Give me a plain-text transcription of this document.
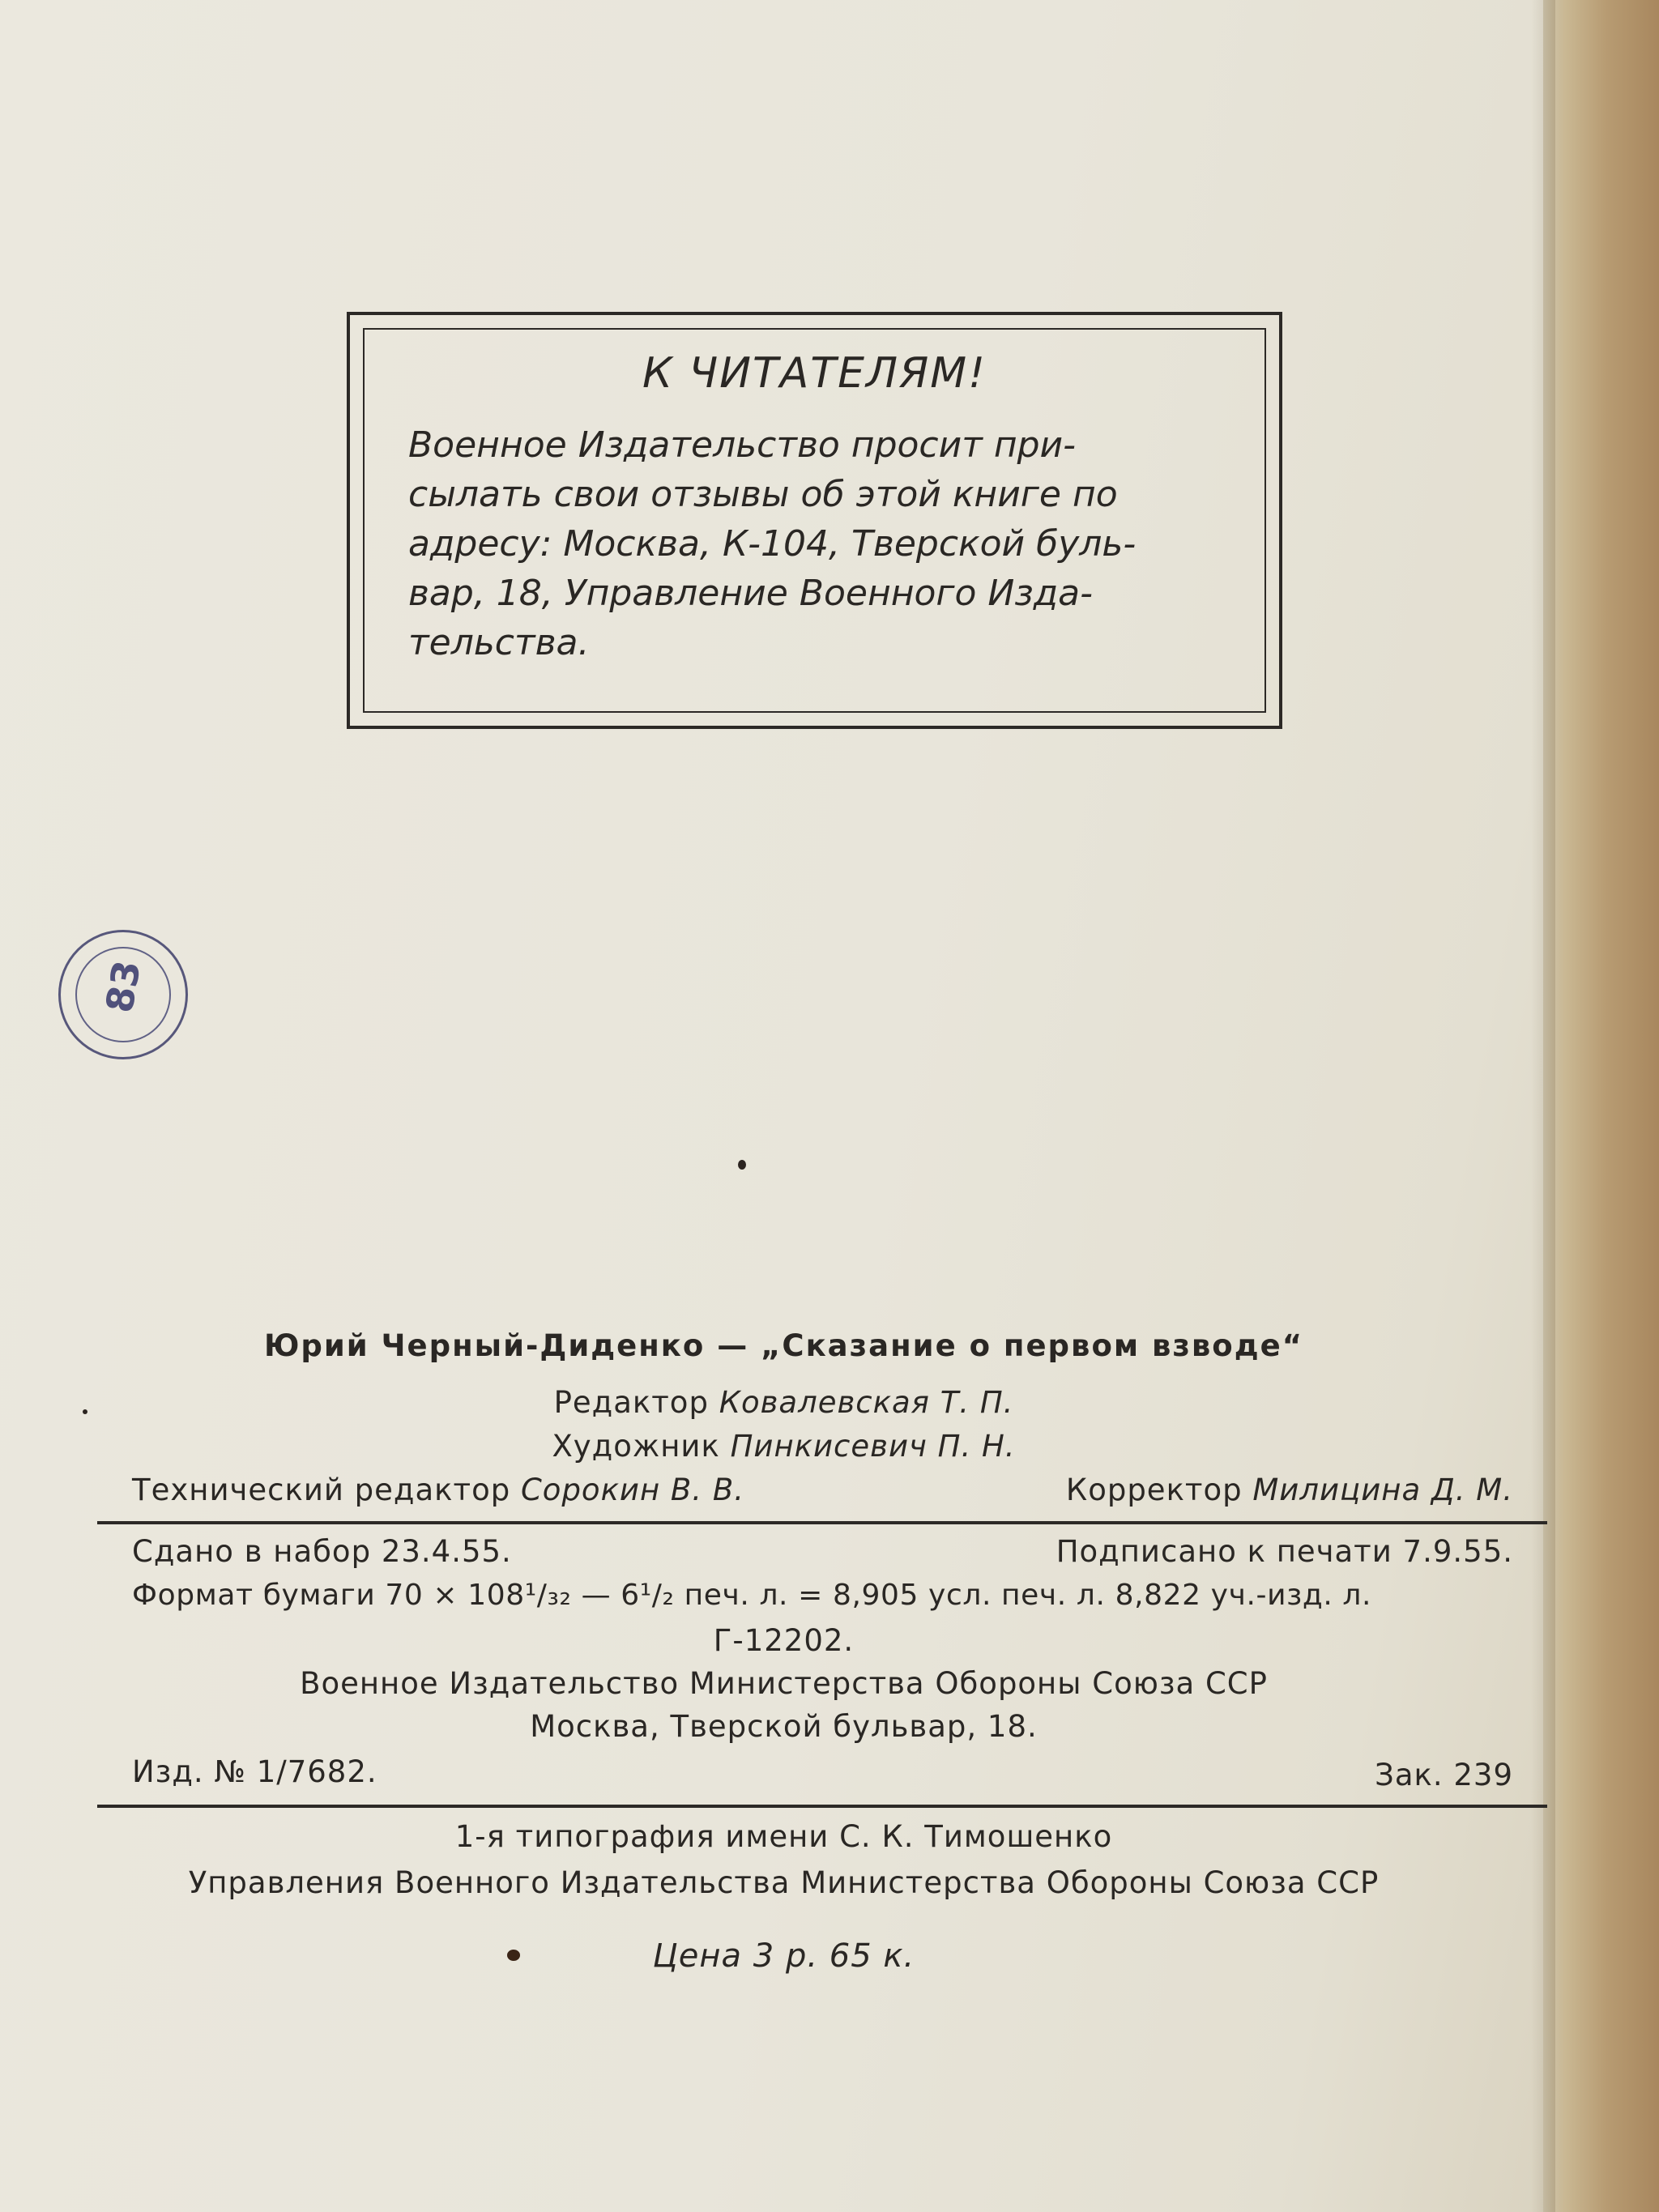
К ЧИТАТЕЛЯМ!
Военное Издательство просит при-
сылать свои отзывы об этой книге по
адресу: Москва, К-104, Тверской буль-
вар, 18, Управление Военного Изда-
тельства.
83
Юрий Черный-Диденко — „Сказание о первом взводе“
Редактор Ковалевская Т. П.
Художник Пинкисевич П. Н.
Технический редактор Сорокин В. В.	Корректор Милицина Д. М.
Сдано в набор 23.4.55.	Подписано к печати 7.9.55.
Формат бумаги 70 × 108¹/₃₂ — 6¹/₂ печ. л. = 8,905 усл. печ. л. 8,822 уч.-изд. л.
Г-12202.
Военное Издательство Министерства Обороны Союза ССР
Москва, Тверской бульвар, 18.
Изд. № 1/7682.	Зак. 239
1-я типография имени С. К. Тимошенко
Управления Военного Издательства Министерства Обороны Союза ССР
Цена 3 р. 65 к.
